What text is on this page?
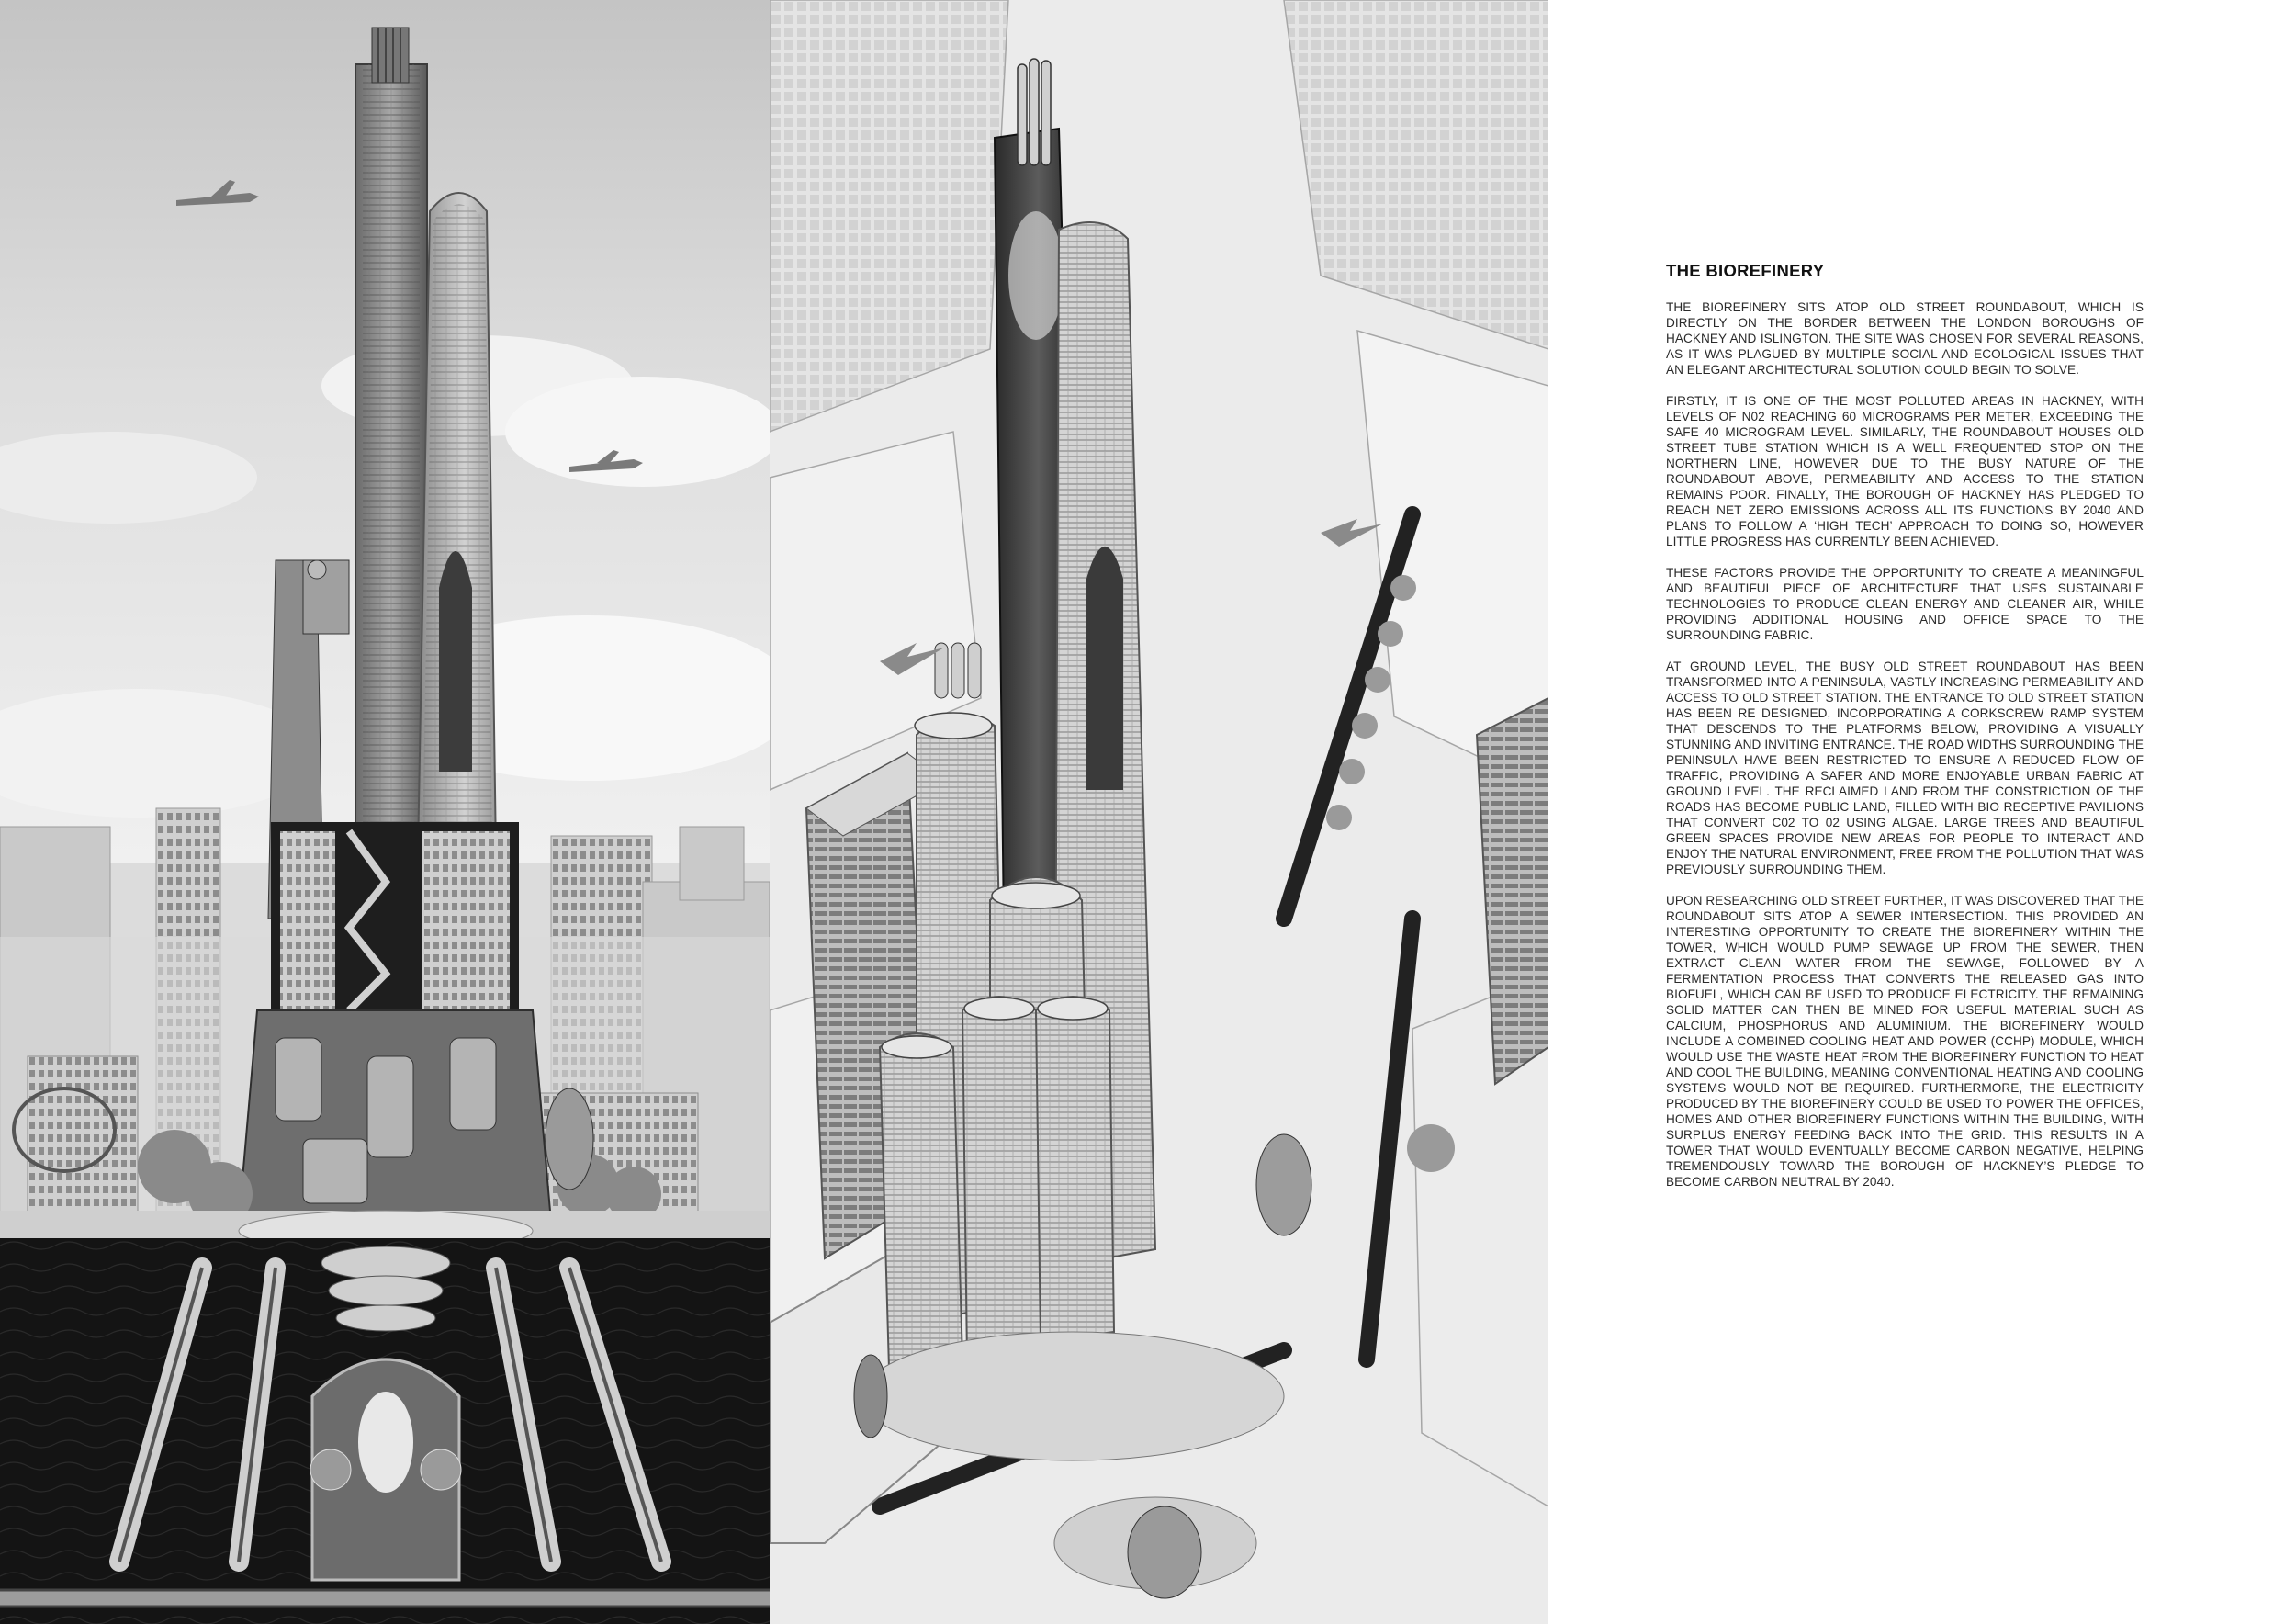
THE BIOREFINERY

THE BIOREFINERY SITS ATOP OLD STREET ROUNDABOUT, WHICH IS DIRECTLY ON THE BORDER BETWEEN THE LONDON BOROUGHS OF HACKNEY AND ISLINGTON. THE SITE WAS CHOSEN FOR SEVERAL REASONS, AS IT WAS PLAGUED BY MULTIPLE SOCIAL AND ECOLOGICAL ISSUES THAT AN ELEGANT ARCHITECTURAL SOLUTION COULD BEGIN TO SOLVE.

FIRSTLY, IT IS ONE OF THE MOST POLLUTED AREAS IN HACKNEY, WITH LEVELS OF N02 REACHING 60 MICROGRAMS PER METER, EXCEEDING THE SAFE 40 MICROGRAM LEVEL. SIMILARLY, THE ROUNDABOUT HOUSES OLD STREET TUBE STATION WHICH IS A WELL FREQUENTED STOP ON THE NORTHERN LINE, HOWEVER DUE TO THE BUSY NATURE OF THE ROUNDABOUT ABOVE, PERMEABILITY AND ACCESS TO THE STATION REMAINS POOR. FINALLY, THE BOROUGH OF HACKNEY HAS PLEDGED TO REACH NET ZERO EMISSIONS ACROSS ALL ITS FUNCTIONS BY 2040 AND PLANS TO FOLLOW A ‘HIGH TECH’ APPROACH TO DOING SO, HOWEVER LITTLE PROGRESS HAS CURRENTLY BEEN ACHIEVED.

THESE FACTORS PROVIDE THE OPPORTUNITY TO CREATE A MEANINGFUL AND BEAUTIFUL PIECE OF ARCHITECTURE THAT USES SUSTAINABLE TECHNOLOGIES TO PRODUCE CLEAN ENERGY AND CLEANER AIR, WHILE PROVIDING ADDITIONAL HOUSING AND OFFICE SPACE TO THE SURROUNDING FABRIC.

AT GROUND LEVEL, THE BUSY OLD STREET ROUNDABOUT HAS BEEN TRANSFORMED INTO A PENINSULA, VASTLY INCREASING PERMEABILITY AND ACCESS TO OLD STREET STATION. THE ENTRANCE TO OLD STREET STATION HAS BEEN RE DESIGNED, INCORPORATING A CORKSCREW RAMP SYSTEM THAT DESCENDS TO THE PLATFORMS BELOW, PROVIDING A VISUALLY STUNNING AND INVITING ENTRANCE. THE ROAD WIDTHS SURROUNDING THE PENINSULA HAVE BEEN RESTRICTED TO ENSURE A REDUCED FLOW OF TRAFFIC, PROVIDING A SAFER AND MORE ENJOYABLE URBAN FABRIC AT GROUND LEVEL. THE RECLAIMED LAND FROM THE CONSTRICTION OF THE ROADS HAS BECOME PUBLIC LAND, FILLED WITH BIO RECEPTIVE PAVILIONS THAT CONVERT C02 TO 02 USING ALGAE. LARGE TREES AND BEAUTIFUL GREEN SPACES PROVIDE NEW AREAS FOR PEOPLE TO INTERACT AND ENJOY THE NATURAL ENVIRONMENT, FREE FROM THE POLLUTION THAT WAS PREVIOUSLY SURROUNDING THEM.

UPON RESEARCHING OLD STREET FURTHER, IT WAS DISCOVERED THAT THE ROUNDABOUT SITS ATOP A SEWER INTERSECTION. THIS PROVIDED AN INTERESTING OPPORTUNITY TO CREATE THE BIOREFINERY WITHIN THE TOWER, WHICH WOULD PUMP SEWAGE UP FROM THE SEWER, THEN EXTRACT CLEAN WATER FROM THE SEWAGE, FOLLOWED BY A FERMENTATION PROCESS THAT CONVERTS THE RELEASED GAS INTO BIOFUEL, WHICH CAN BE USED TO PRODUCE ELECTRICITY. THE REMAINING SOLID MATTER CAN THEN BE MINED FOR USEFUL MATERIAL SUCH AS CALCIUM, PHOSPHORUS AND ALUMINIUM. THE BIOREFINERY WOULD INCLUDE A COMBINED COOLING HEAT AND POWER (CCHP) MODULE, WHICH WOULD USE THE WASTE HEAT FROM THE BIOREFINERY FUNCTION TO HEAT AND COOL THE BUILDING, MEANING CONVENTIONAL HEATING AND COOLING SYSTEMS WOULD NOT BE REQUIRED. FURTHERMORE, THE ELECTRICITY PRODUCED BY THE BIOREFINERY COULD BE USED TO POWER THE OFFICES, HOMES AND OTHER BIOREFINERY FUNCTIONS WITHIN THE BUILDING, WITH SURPLUS ENERGY FEEDING BACK INTO THE GRID. THIS RESULTS IN A TOWER THAT WOULD EVENTUALLY BECOME CARBON NEGATIVE, HELPING TREMENDOUSLY TOWARD THE BOROUGH OF HACKNEY’S PLEDGE TO BECOME CARBON NEUTRAL BY 2040.
